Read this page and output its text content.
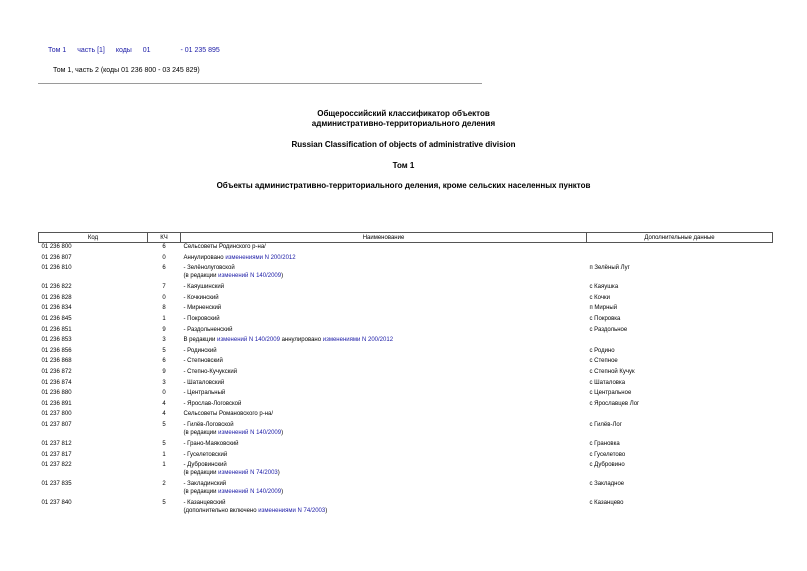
Том 1 часть [1] коды 01	- 01 235 895
Том 1, часть 2 (коды 01 236 800 - 03 245 829)
Общероссийский классификатор объектов
административно-территориального деления
Russian Classification of objects of administrative division
Том 1
Объекты административно-территориального деления, кроме сельских населенных пунктов
Код	КЧ	Наименование	Дополнительные данные
01 236 800	6	Сельсоветы Родинского р-на/	
01 236 807	0	Аннулировано изменениями N 200/2012	
01 236 810	6	- Зелёнолуговской
(в редакции изменений N 140/2009)	п Зелёный Луг
01 236 822	7	- Каяушинский	с Каяушка
01 236 828	0	- Кочкинский	с Кочки
01 236 834	8	- Мирненский	п Мирный
01 236 845	1	- Покровский	с Покровка
01 236 851	9	- Раздольненский	с Раздольное
01 236 853	3	В редакции изменений N 140/2009 аннулировано изменениями N 200/2012	
01 236 856	5	- Родинский	с Родино
01 236 868	6	- Степновский	с Степное
01 236 872	9	- Степно-Кучукский	с Степной Кучук
01 236 874	3	- Шаталовский	с Шаталовка
01 236 880	0	- Центральный	с Центральное
01 236 891	4	- Ярослав-Логовской	с Ярославцев Лог
01 237 800	4	Сельсоветы Романовского р-на/	
01 237 807	5	- Гилёв-Логовской
(в редакции изменений N 140/2009)	с Гилёв-Лог
01 237 812	5	- Грано-Маяковский	с Грановка
01 237 817	1	- Гуселетовский	с Гуселетово
01 237 822	1	- Дубровинский
(в редакции изменений N 74/2003)	с Дубровино
01 237 835	2	- Закладинский
(в редакции изменений N 140/2009)	с Закладное
01 237 840	5	- Казанцевский
(дополнительно включено изменениями N 74/2003)	с Казанцево
